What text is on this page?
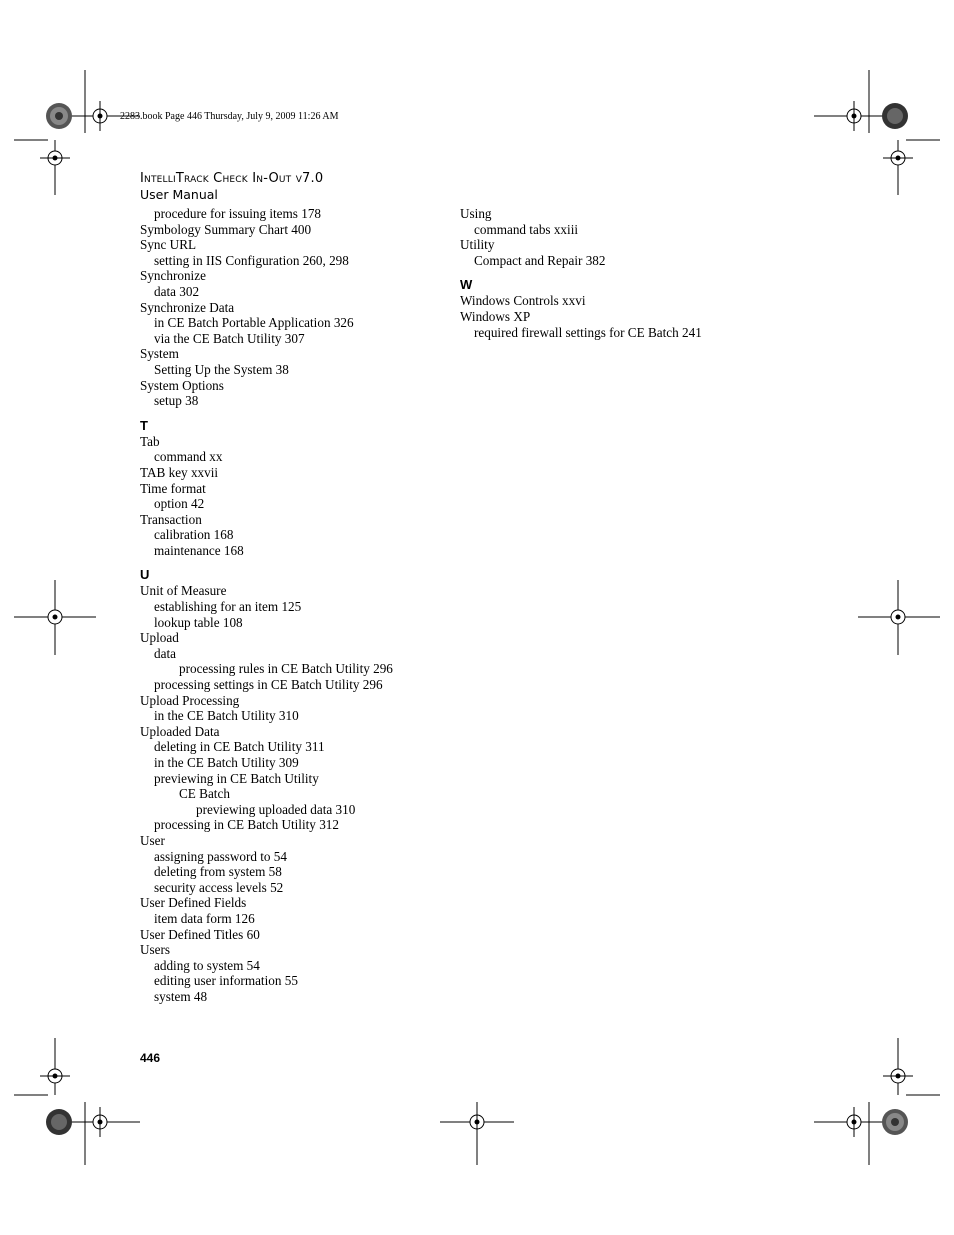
2283.book Page 446 Thursday, July 9, 2009 11:26 AM
IntelliTrack Check In-Out v7.0
User Manual
procedure for issuing items 178
Symbology Summary Chart 400
Sync URL
setting in IIS Configuration 260, 298
Synchronize
data 302
Synchronize Data
in CE Batch Portable Application 326
via the CE Batch Utility 307
System
Setting Up the System 38
System Options
setup 38
T
Tab
command xx
TAB key xxvii
Time format
option 42
Transaction
calibration 168
maintenance 168
U
Unit of Measure
establishing for an item 125
lookup table 108
Upload
data
processing rules in CE Batch Utility 296
processing settings in CE Batch Utility 296
Upload Processing
in the CE Batch Utility 310
Uploaded Data
deleting in CE Batch Utility 311
in the CE Batch Utility 309
previewing in CE Batch Utility
CE Batch
previewing uploaded data 310
processing in CE Batch Utility 312
User
assigning password to 54
deleting from system 58
security access levels 52
User Defined Fields
item data form 126
User Defined Titles 60
Users
adding to system 54
editing user information 55
system 48
Using
command tabs xxiii
Utility
Compact and Repair 382
W
Windows Controls xxvi
Windows XP
required firewall settings for CE Batch 241
446
